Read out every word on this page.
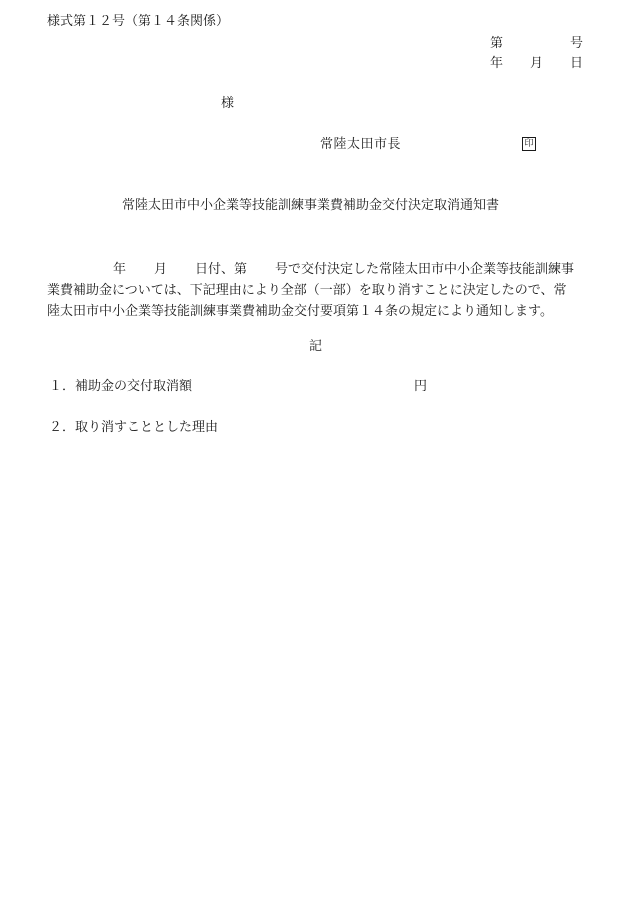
様式第１２号（第１４条関係）
第	号
年 月 日
様
常陸太田市長	印
常陸太田市中小企業等技能訓練事業費補助金交付決定取消通知書
年 月 日付、第 号で交付決定した常陸太田市中小企業等技能訓練事
業費補助金については、下記理由により全部（一部）を取り消すことに決定したので、常
陸太田市中小企業等技能訓練事業費補助金交付要項第１４条の規定により通知します。
記
１．補助金の交付取消額	円
２．取り消すこととした理由
